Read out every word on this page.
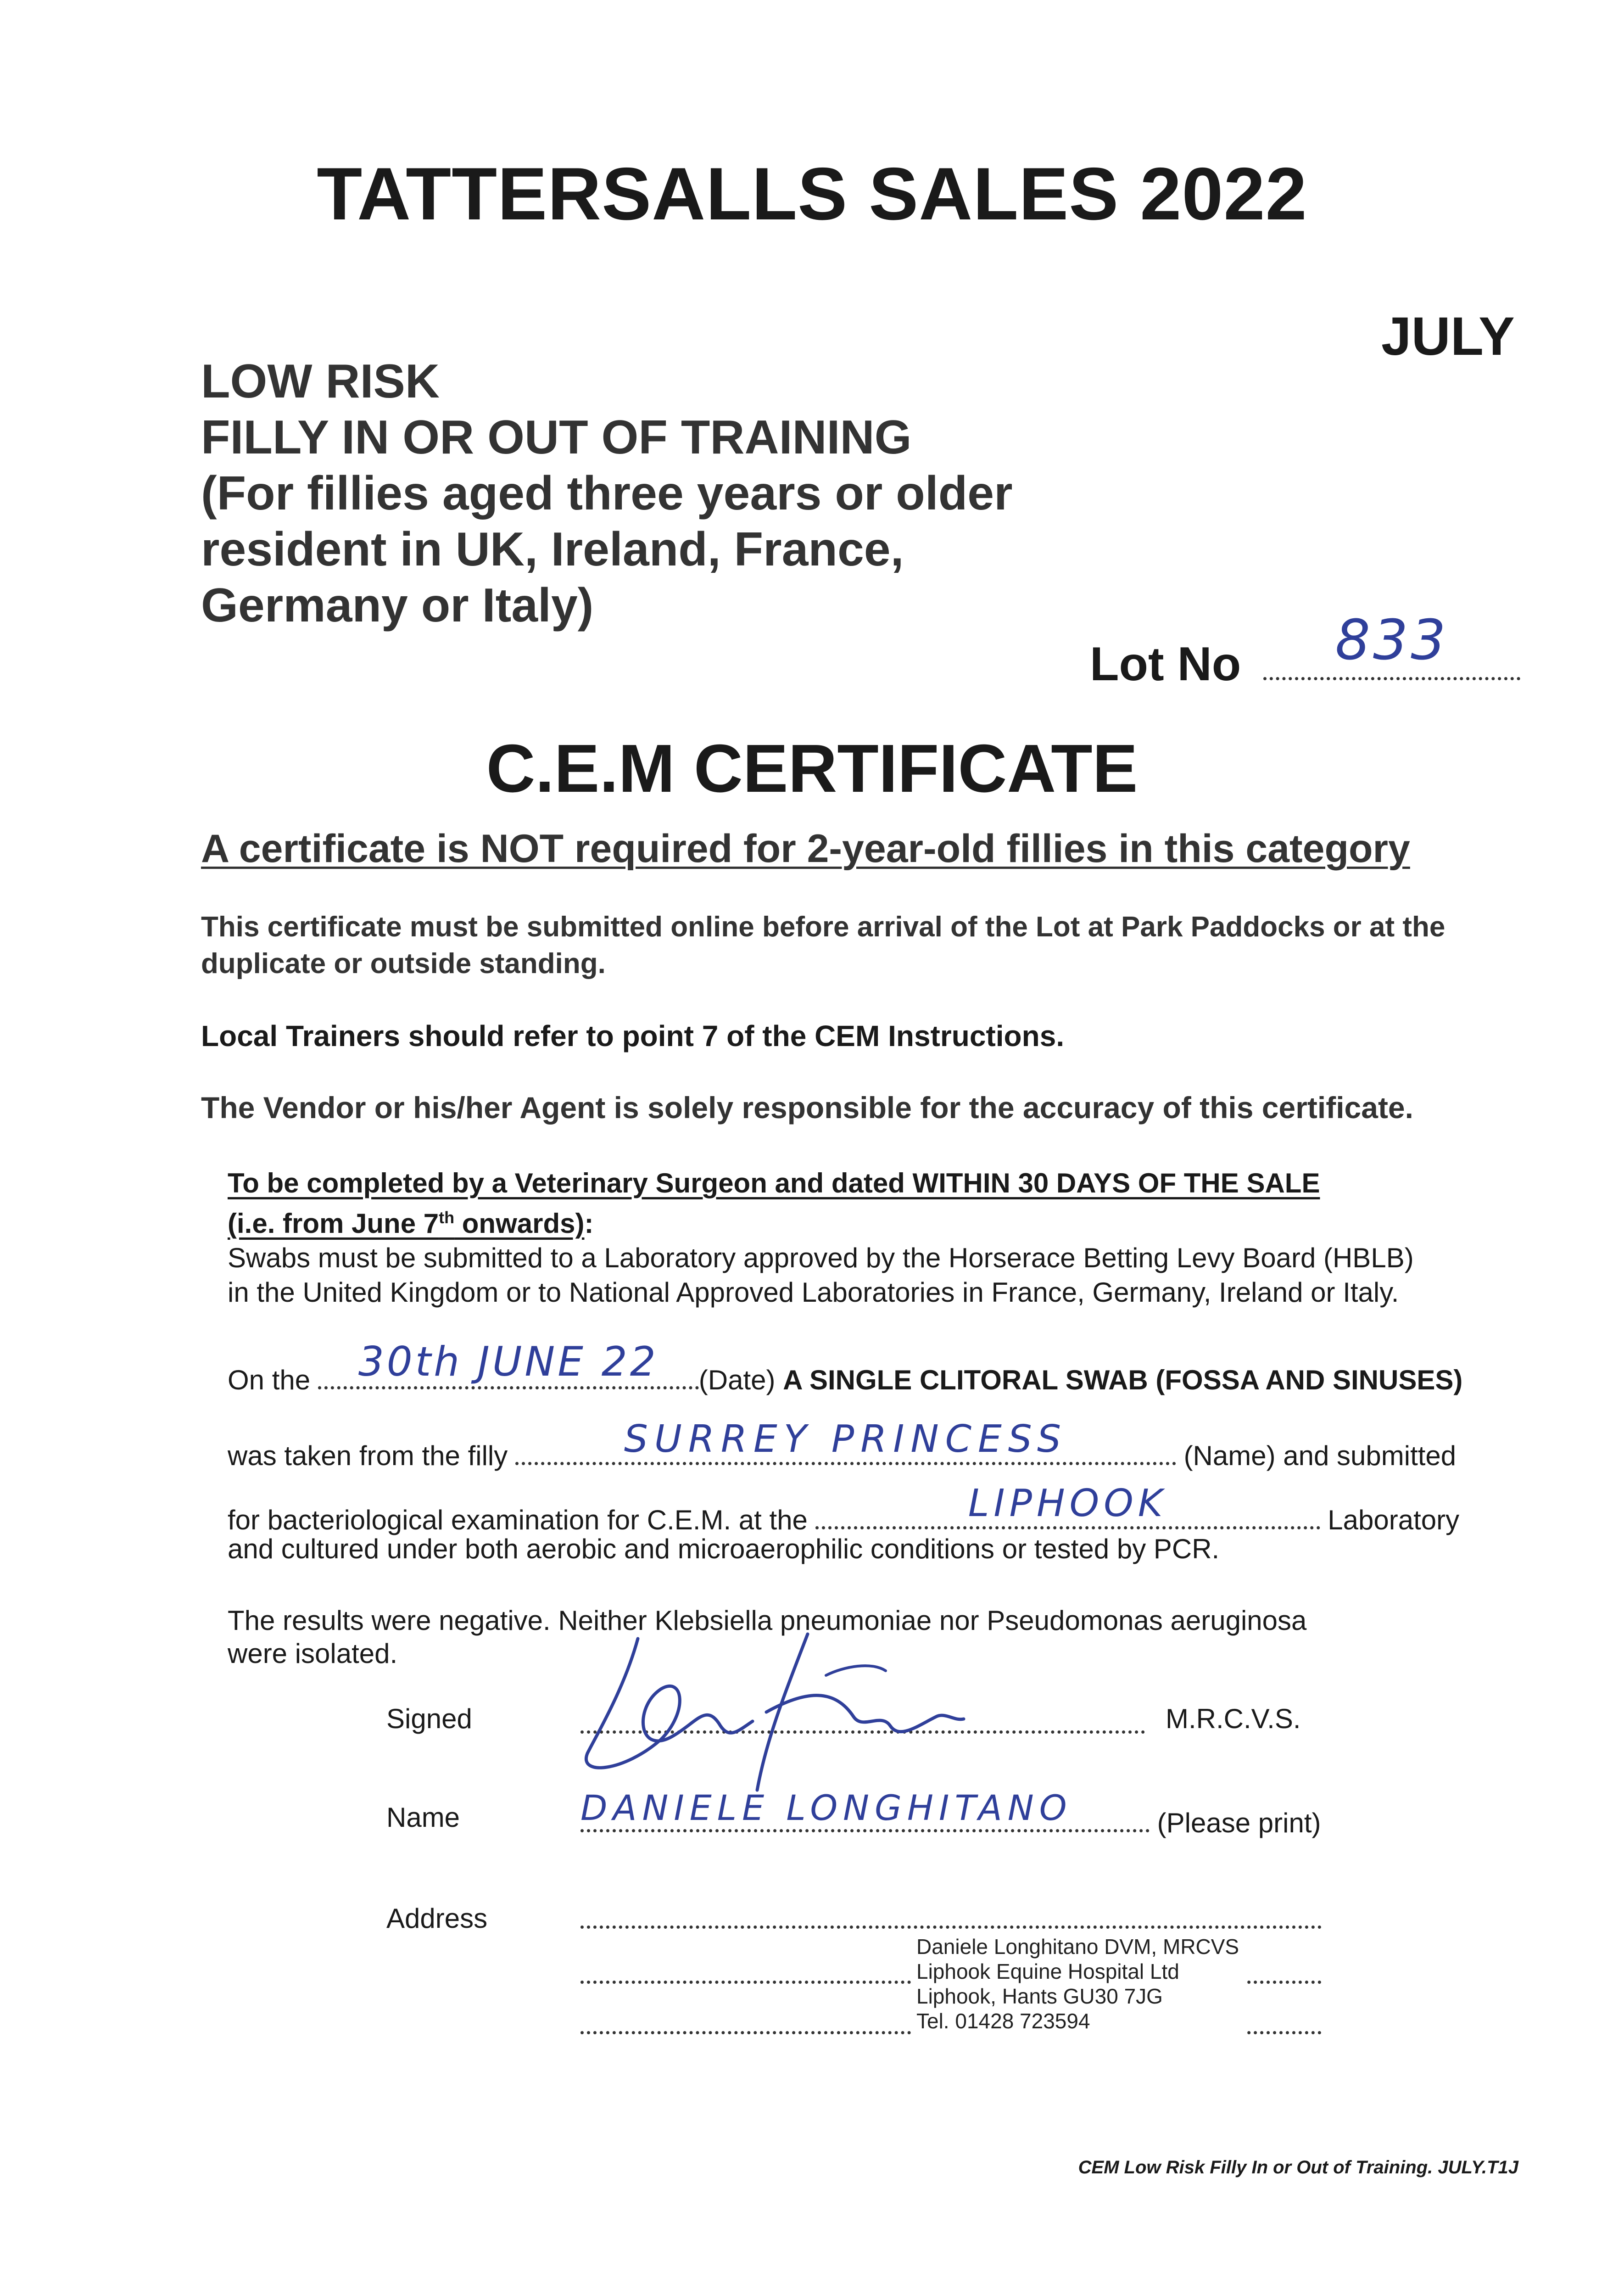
TATTERSALLS SALES 2022
JULY
LOW RISK
FILLY IN OR OUT OF TRAINING
(For fillies aged three years or older
resident in UK, Ireland, France,
Germany or Italy)
Lot No 833
C.E.M CERTIFICATE
A certificate is NOT required for 2-year-old fillies in this category
This certificate must be submitted online before arrival of the Lot at Park Paddocks or at the duplicate or outside standing.
Local Trainers should refer to point 7 of the CEM Instructions.
The Vendor or his/her Agent is solely responsible for the accuracy of this certificate.
To be completed by a Veterinary Surgeon and dated WITHIN 30 DAYS OF THE SALE
(i.e. from June 7th onwards):
Swabs must be submitted to a Laboratory approved by the Horserace Betting Levy Board (HBLB)
in the United Kingdom or to National Approved Laboratories in France, Germany, Ireland or Italy.
On the 30th JUNE 22 (Date) A SINGLE CLITORAL SWAB (FOSSA AND SINUSES)
was taken from the filly	SURREY PRINCESS	(Name) and submitted
for bacteriological examination for C.E.M. at the	LIPHOOK	Laboratory
and cultured under both aerobic and microaerophilic conditions or tested by PCR.
The results were negative. Neither Klebsiella pneumoniae nor Pseudomonas aeruginosa
were isolated.
Signed	M.R.C.V.S.
Name	DANIELE LONGHITANO	(Please print)
Address
Daniele Longhitano DVM, MRCVS
Liphook Equine Hospital Ltd
Liphook, Hants GU30 7JG
Tel. 01428 723594
CEM Low Risk Filly In or Out of Training. JULY.T1J
